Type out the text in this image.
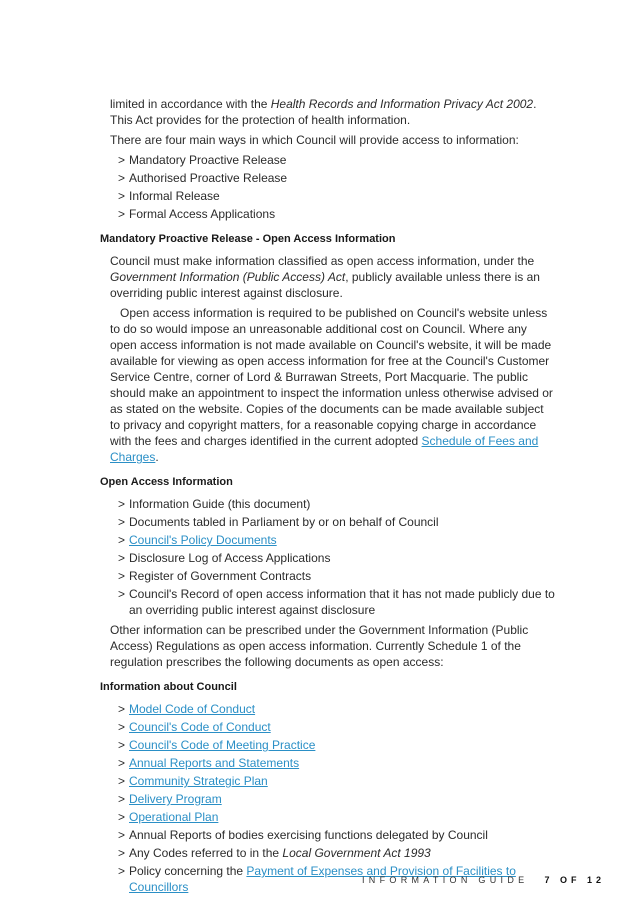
limited in accordance with the Health Records and Information Privacy Act 2002. This Act provides for the protection of health information.

There are four main ways in which Council will provide access to information:

> Mandatory Proactive Release
> Authorised Proactive Release
> Informal Release
> Formal Access Applications
Mandatory Proactive Release - Open Access Information

Council must make information classified as open access information, under the Government Information (Public Access) Act, publicly available unless there is an overriding public interest against disclosure.

Open access information is required to be published on Council's website unless to do so would impose an unreasonable additional cost on Council. Where any open access information is not made available on Council's website, it will be made available for viewing as open access information for free at the Council's Customer Service Centre, corner of Lord & Burrawan Streets, Port Macquarie. The public should make an appointment to inspect the information unless otherwise advised or as stated on the website. Copies of the documents can be made available subject to privacy and copyright matters, for a reasonable copying charge in accordance with the fees and charges identified in the current adopted Schedule of Fees and Charges.

Open Access Information
> Information Guide (this document)
> Documents tabled in Parliament by or on behalf of Council
> Council's Policy Documents
> Disclosure Log of Access Applications
> Register of Government Contracts
> Council's Record of open access information that it has not made publicly due to an overriding public interest against disclosure

Other information can be prescribed under the Government Information (Public Access) Regulations as open access information. Currently Schedule 1 of the regulation prescribes the following documents as open access:

Information about Council
> Model Code of Conduct
> Council's Code of Conduct
> Council's Code of Meeting Practice
> Annual Reports and Statements
> Community Strategic Plan
> Delivery Program
> Operational Plan
> Annual Reports of bodies exercising functions delegated by Council
> Any Codes referred to in the Local Government Act 1993
> Policy concerning the Payment of Expenses and Provision of Facilities to Councillors	INFORMATION GUIDE 7 OF 12
